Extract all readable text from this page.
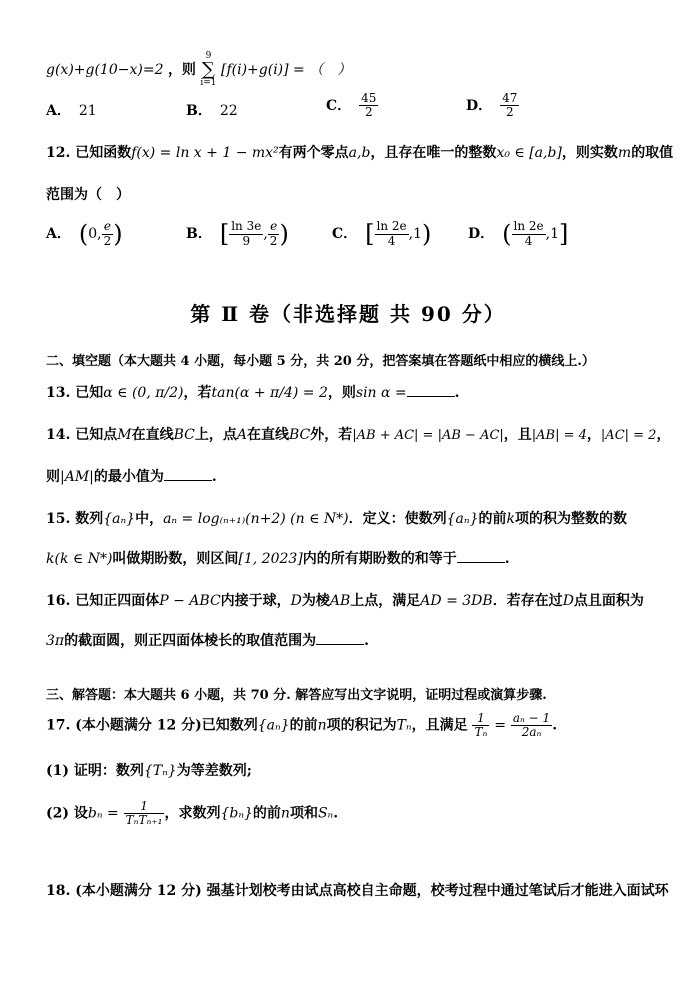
g(x)+g(10−x)=2 ，则 9
∑
i=1 [f(i)+g(i)] = （　）
A． 21	B． 22	C． $\frac{45}{2}$	D． $\frac{47}{2}$
12. 已知函数f(x) = ln x + 1 − mx²有两个零点a,b，且存在唯一的整数x₀ ∈ [a,b]，则实数m的取值
范围为（　）
A． (0, $\frac{e}{2}$ )	B． [ $\frac{\ln 3e}{9}$ , $\frac{e}{2}$ )	C． [ $\frac{\ln 2e}{4} ,1$)	D． ( $\frac{\ln 2e}{4} ,1$]
第 Ⅱ 卷（非选择题 共 90 分）
二、填空题（本大题共 4 小题，每小题 5 分，共 20 分，把答案填在答题纸中相应的横线上.）
13. 已知α ∈ (0, π/2)，若tan(α + π/4) = 2，则sin α =	.
14. 已知点M在直线BC上，点A在直线BC外，若|AB + AC| = |AB − AC|，且|AB| = 4，|AC| = 2，
则|AM|的最小值为	.
15. 数列{aₙ}中，aₙ = log₍ₙ₊₁₎(n+2) (n ∈ N*)．定义：使数列{aₙ}的前k项的积为整数的数
k(k ∈ N*)叫做期盼数，则区间[1, 2023]内的所有期盼数的和等于	.
16. 已知正四面体P − ABC内接于球，D为棱AB上点，满足AD = 3DB．若存在过D点且面积为
3π的截面圆，则正四面体棱长的取值范围为	.
三、解答题：本大题共 6 小题，共 70 分. 解答应写出文字说明，证明过程或演算步骤.
17. (本小题满分 12 分)已知数列{aₙ}的前n项的积记为Tₙ，且满足 $\frac{1}{\text{Tₙ}} = \frac{\text{aₙ − 1}}{\text{2aₙ}}$ .
(1) 证明：数列{Tₙ}为等差数列;
(2) 设$b_n = \frac{1}{\text{TₙTₙ₊₁}}$ ，求数列{bₙ}的前n项和Sₙ.
18. (本小题满分 12 分) 强基计划校考由试点高校自主命题，校考过程中通过笔试后才能进入面试环
